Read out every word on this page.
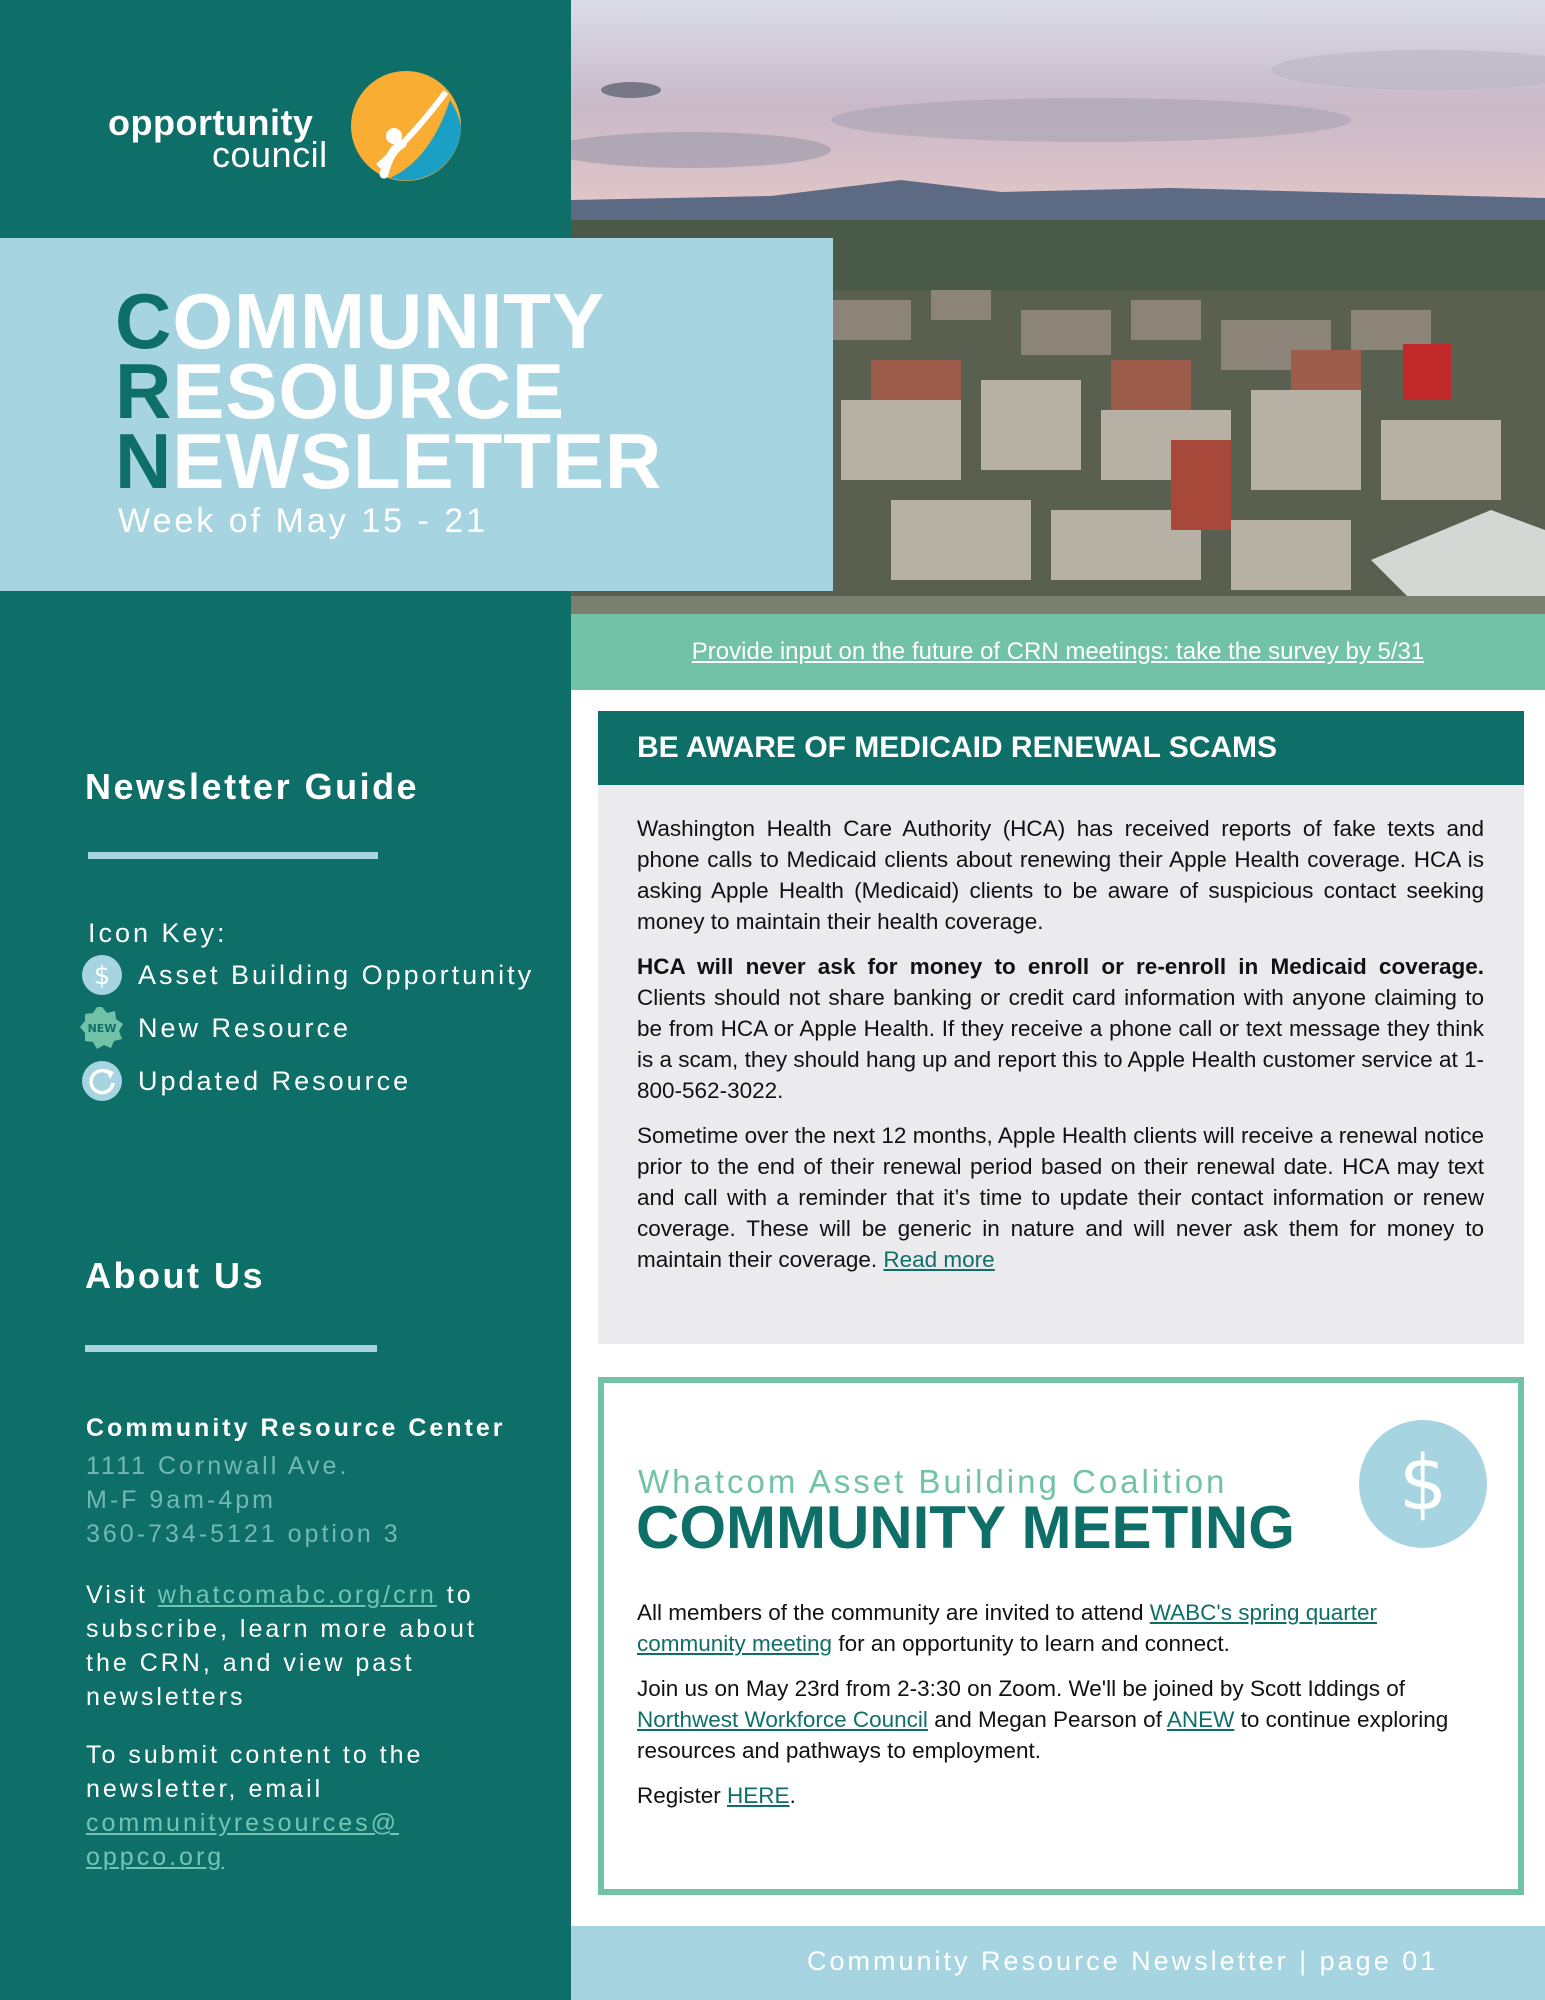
opportunity
council
Newsletter Guide
Icon Key:
$ Asset Building Opportunity
NEW New Resource
Updated Resource
About Us
Community Resource Center
1111 Cornwall Ave.
M-F 9am-4pm
360-734-5121 option 3
Visit whatcomabc.org/crn to subscribe, learn more about the CRN, and view past newsletters
To submit content to the newsletter, email communityresources@ oppco.org
COMMUNITY
RESOURCE
NEWSLETTER
Week of May 15 - 21
Provide input on the future of CRN meetings: take the survey by 5/31
BE AWARE OF MEDICAID RENEWAL SCAMS

Washington Health Care Authority (HCA) has received reports of fake texts and phone calls to Medicaid clients about renewing their Apple Health coverage. HCA is asking Apple Health (Medicaid) clients to be aware of suspicious contact seeking money to maintain their health coverage.

HCA will never ask for money to enroll or re-enroll in Medicaid coverage. Clients should not share banking or credit card information with anyone claiming to be from HCA or Apple Health. If they receive a phone call or text message they think is a scam, they should hang up and report this to Apple Health customer service at 1-800-562-3022.

Sometime over the next 12 months, Apple Health clients will receive a renewal notice prior to the end of their renewal period based on their renewal date. HCA may text and call with a reminder that it’s time to update their contact information or renew coverage. These will be generic in nature and will never ask them for money to maintain their coverage. Read more

Whatcom Asset Building Coalition
COMMUNITY MEETING
$

All members of the community are invited to attend WABC's spring quarter community meeting for an opportunity to learn and connect.

Join us on May 23rd from 2-3:30 on Zoom. We'll be joined by Scott Iddings of Northwest Workforce Council and Megan Pearson of ANEW to continue exploring resources and pathways to employment.

Register HERE.

Community Resource Newsletter | page 01
